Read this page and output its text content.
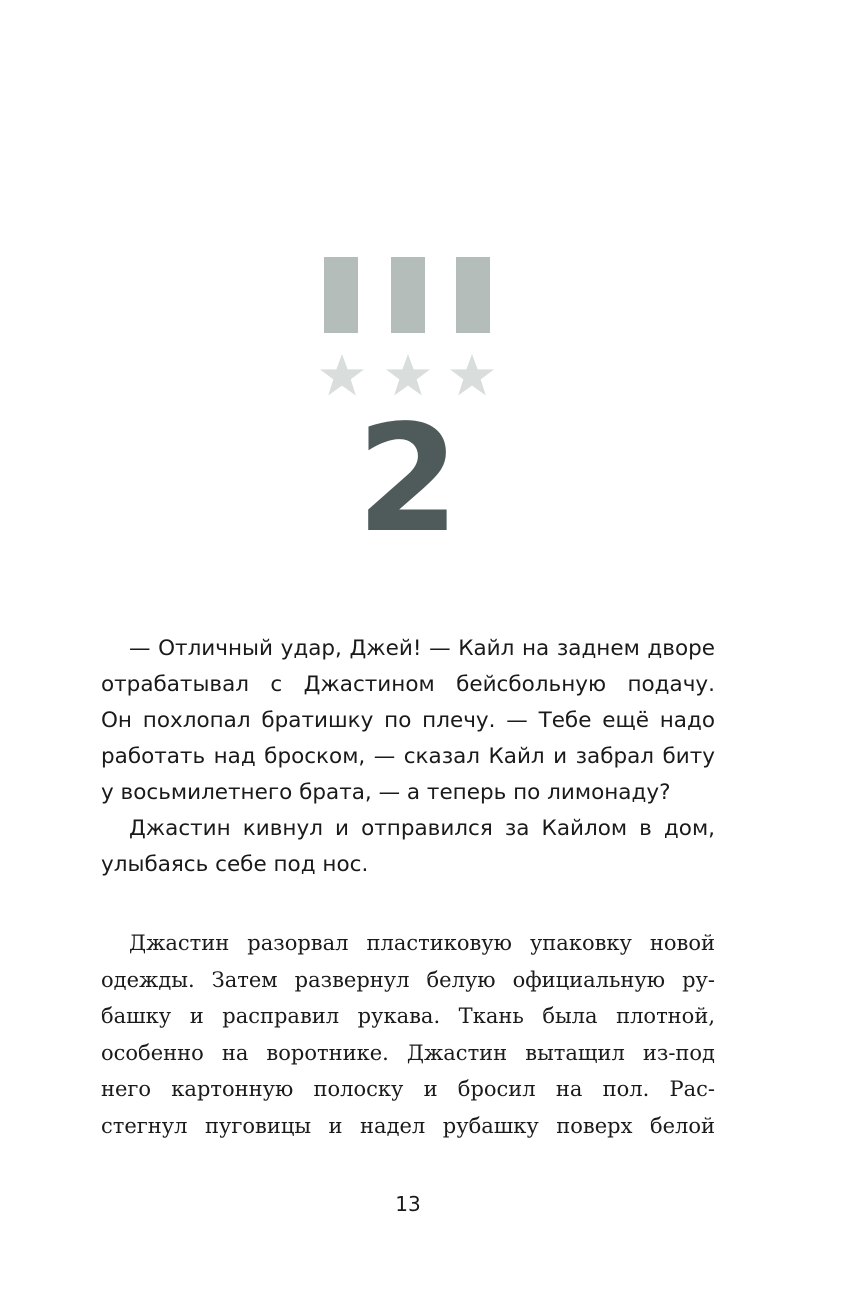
2
— Отличный удар, Джей! — Кайл на заднем дворе
отрабатывал с Джастином бейсбольную подачу.
Он похлопал братишку по плечу. — Тебе ещё надо
работать над броском, — сказал Кайл и забрал биту
у восьмилетнего брата, — а теперь по лимонаду?
Джастин кивнул и отправился за Кайлом в дом,
улыбаясь себе под нос.
Джастин разорвал пластиковую упаковку новой
одежды. Затем развернул белую официальную ру-
башку и расправил рукава. Ткань была плотной,
особенно на воротнике. Джастин вытащил из-под
него картонную полоску и бросил на пол. Рас-
стегнул пуговицы и надел рубашку поверх белой
13
